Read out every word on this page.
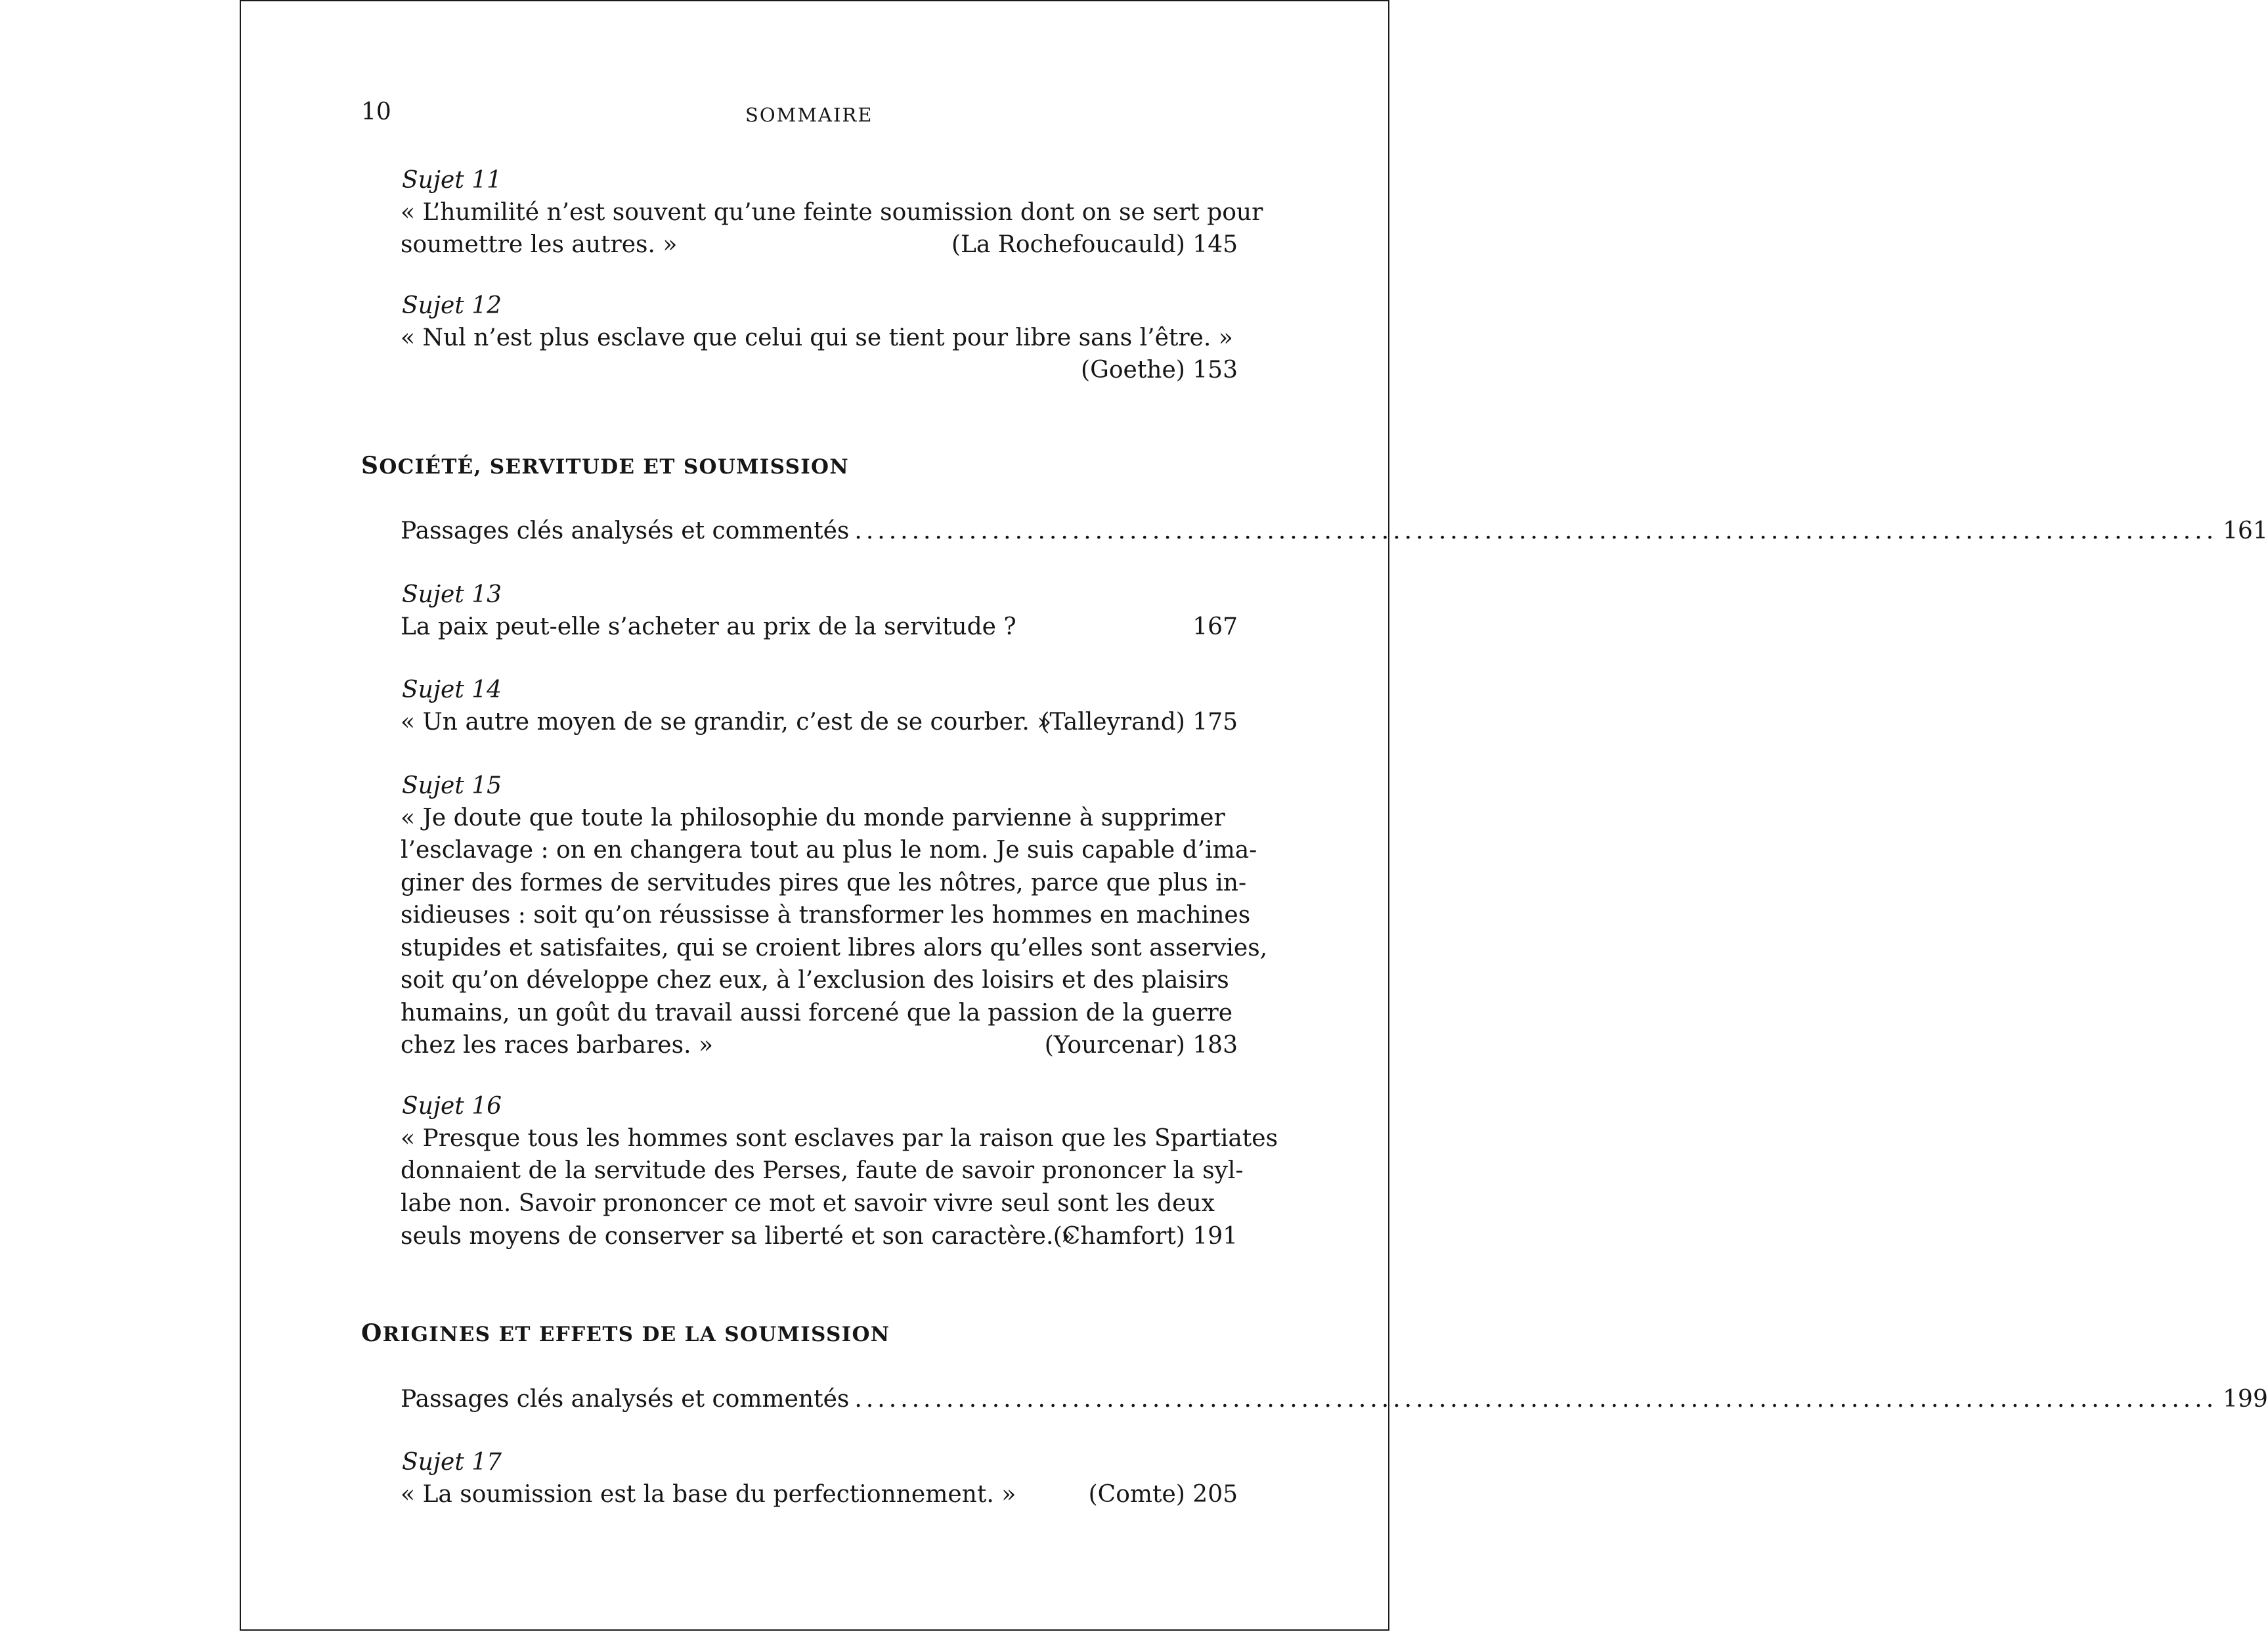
10	SOMMAIRE
Sujet 11
« L’humilité n’est souvent qu’une feinte soumission dont on se sert pour
soumettre les autres. »	(La Rochefoucauld) 145
Sujet 12
« Nul n’est plus esclave que celui qui se tient pour libre sans l’être. »
(Goethe) 153
SOCIÉTÉ, SERVITUDE ET SOUMISSION
Passages clés analysés et commentés ....................................................................................................................... 161
Sujet 13
La paix peut-elle s’acheter au prix de la servitude ?	167
Sujet 14
« Un autre moyen de se grandir, c’est de se courber. »
(Talleyrand) 175
Sujet 15
« Je doute que toute la philosophie du monde parvienne à supprimer
l’esclavage : on en changera tout au plus le nom. Je suis capable d’ima-
giner des formes de servitudes pires que les nôtres, parce que plus in-
sidieuses : soit qu’on réussisse à transformer les hommes en machines
stupides et satisfaites, qui se croient libres alors qu’elles sont asservies,
soit qu’on développe chez eux, à l’exclusion des loisirs et des plaisirs
humains, un goût du travail aussi forcené que la passion de la guerre
chez les races barbares. »	(Yourcenar) 183
Sujet 16
« Presque tous les hommes sont esclaves par la raison que les Spartiates
donnaient de la servitude des Perses, faute de savoir prononcer la syl-
labe non. Savoir prononcer ce mot et savoir vivre seul sont les deux
seuls moyens de conserver sa liberté et son caractère. »
(Chamfort) 191
ORIGINES ET EFFETS DE LA SOUMISSION
Passages clés analysés et commentés ....................................................................................................................... 199
Sujet 17
« La soumission est la base du perfectionnement. »	(Comte) 205
